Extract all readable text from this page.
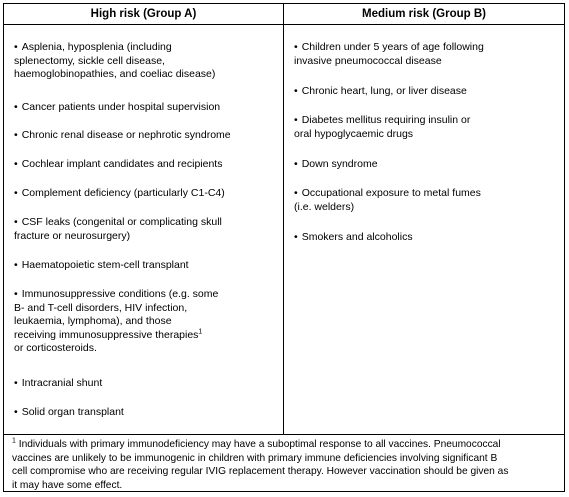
High risk (Group A)	Medium risk (Group B)
• Asplenia, hyposplenia (including
splenectomy, sickle cell disease,
haemoglobinopathies, and coeliac disease)
• Cancer patients under hospital supervision
• Chronic renal disease or nephrotic syndrome
• Cochlear implant candidates and recipients
• Complement deficiency (particularly C1-C4)
• CSF leaks (congenital or complicating skull
fracture or neurosurgery)
• Haematopoietic stem-cell transplant
• Immunosuppressive conditions (e.g. some
B- and T-cell disorders, HIV infection,
leukaemia, lymphoma), and those
receiving immunosuppressive therapies$^1$
or corticosteroids.
• Intracranial shunt
• Solid organ transplant
• Children under 5 years of age following
invasive pneumococcal disease
• Chronic heart, lung, or liver disease
• Diabetes mellitus requiring insulin or
oral hypoglycaemic drugs
• Down syndrome
• Occupational exposure to metal fumes
(i.e. welders)
• Smokers and alcoholics
$^1$ Individuals with primary immunodeficiency may have a suboptimal response to all vaccines. Pneumococcal
vaccines are unlikely to be immunogenic in children with primary immune deficiencies involving significant B
cell compromise who are receiving regular IVIG replacement therapy. However vaccination should be given as
it may have some effect.
